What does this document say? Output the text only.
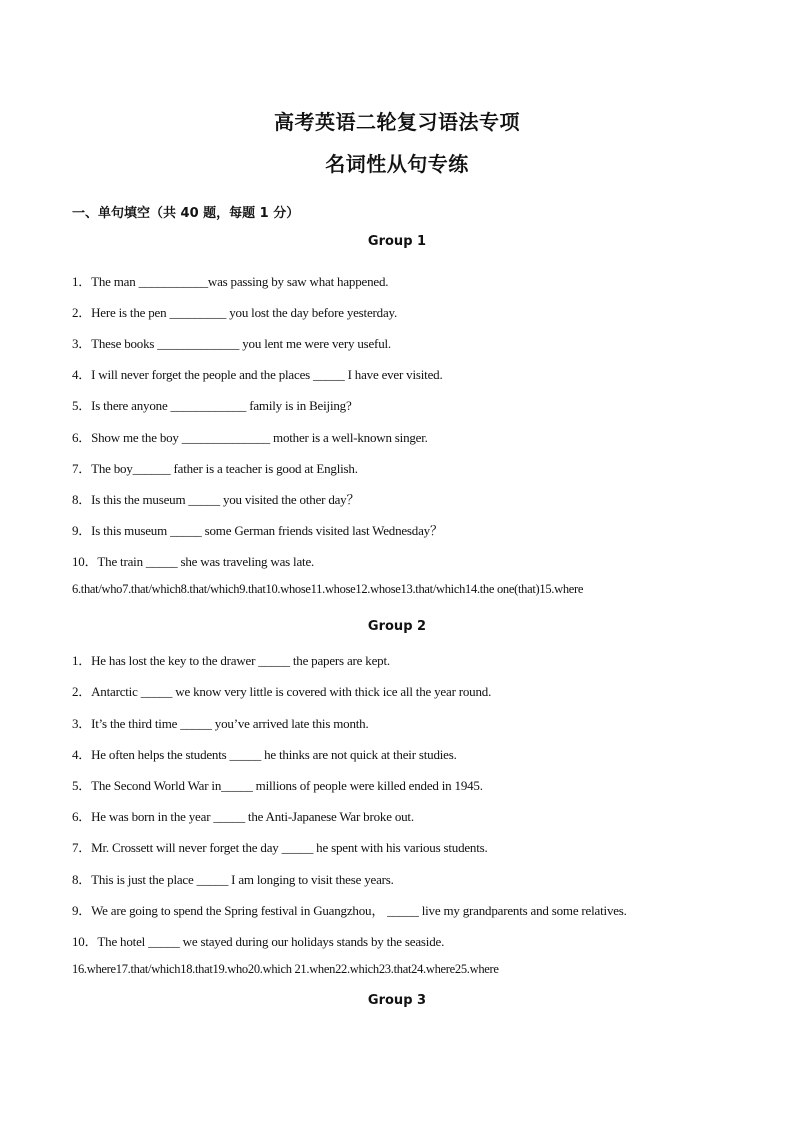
高考英语二轮复习语法专项
名词性从句专练
一、单句填空（共 40 题，每题 1 分）
Group 1
1．The man ___________was passing by saw what happened.
2．Here is the pen _________ you lost the day before yesterday.
3．These books _____________ you lent me were very useful.
4．I will never forget the people and the places _____ I have ever visited.
5．Is there anyone ____________ family is in Beijing?
6．Show me the boy ______________ mother is a well-known singer.
7．The boy______ father is a teacher is good at English.
8．Is this the museum _____ you visited the other day？
9．Is this museum _____ some German friends visited last Wednesday？
10．The train _____ she was traveling was late.
6.that/who7.that/which8.that/which9.that10.whose11.whose12.whose13.that/which14.the one(that)15.where
Group 2
1．He has lost the key to the drawer _____ the papers are kept.
2．Antarctic _____ we know very little is covered with thick ice all the year round.
3．It’s the third time _____ you’ve arrived late this month.
4．He often helps the students _____ he thinks are not quick at their studies.
5．The Second World War in_____ millions of people were killed ended in 1945.
6．He was born in the year _____ the Anti-Japanese War broke out.
7．Mr. Crossett will never forget the day _____ he spent with his various students.
8．This is just the place _____ I am longing to visit these years.
9．We are going to spend the Spring festival in Guangzhou， _____ live my grandparents and some relatives.
10．The hotel _____ we stayed during our holidays stands by the seaside.
16.where17.that/which18.that19.who20.which 21.when22.which23.that24.where25.where
Group 3
